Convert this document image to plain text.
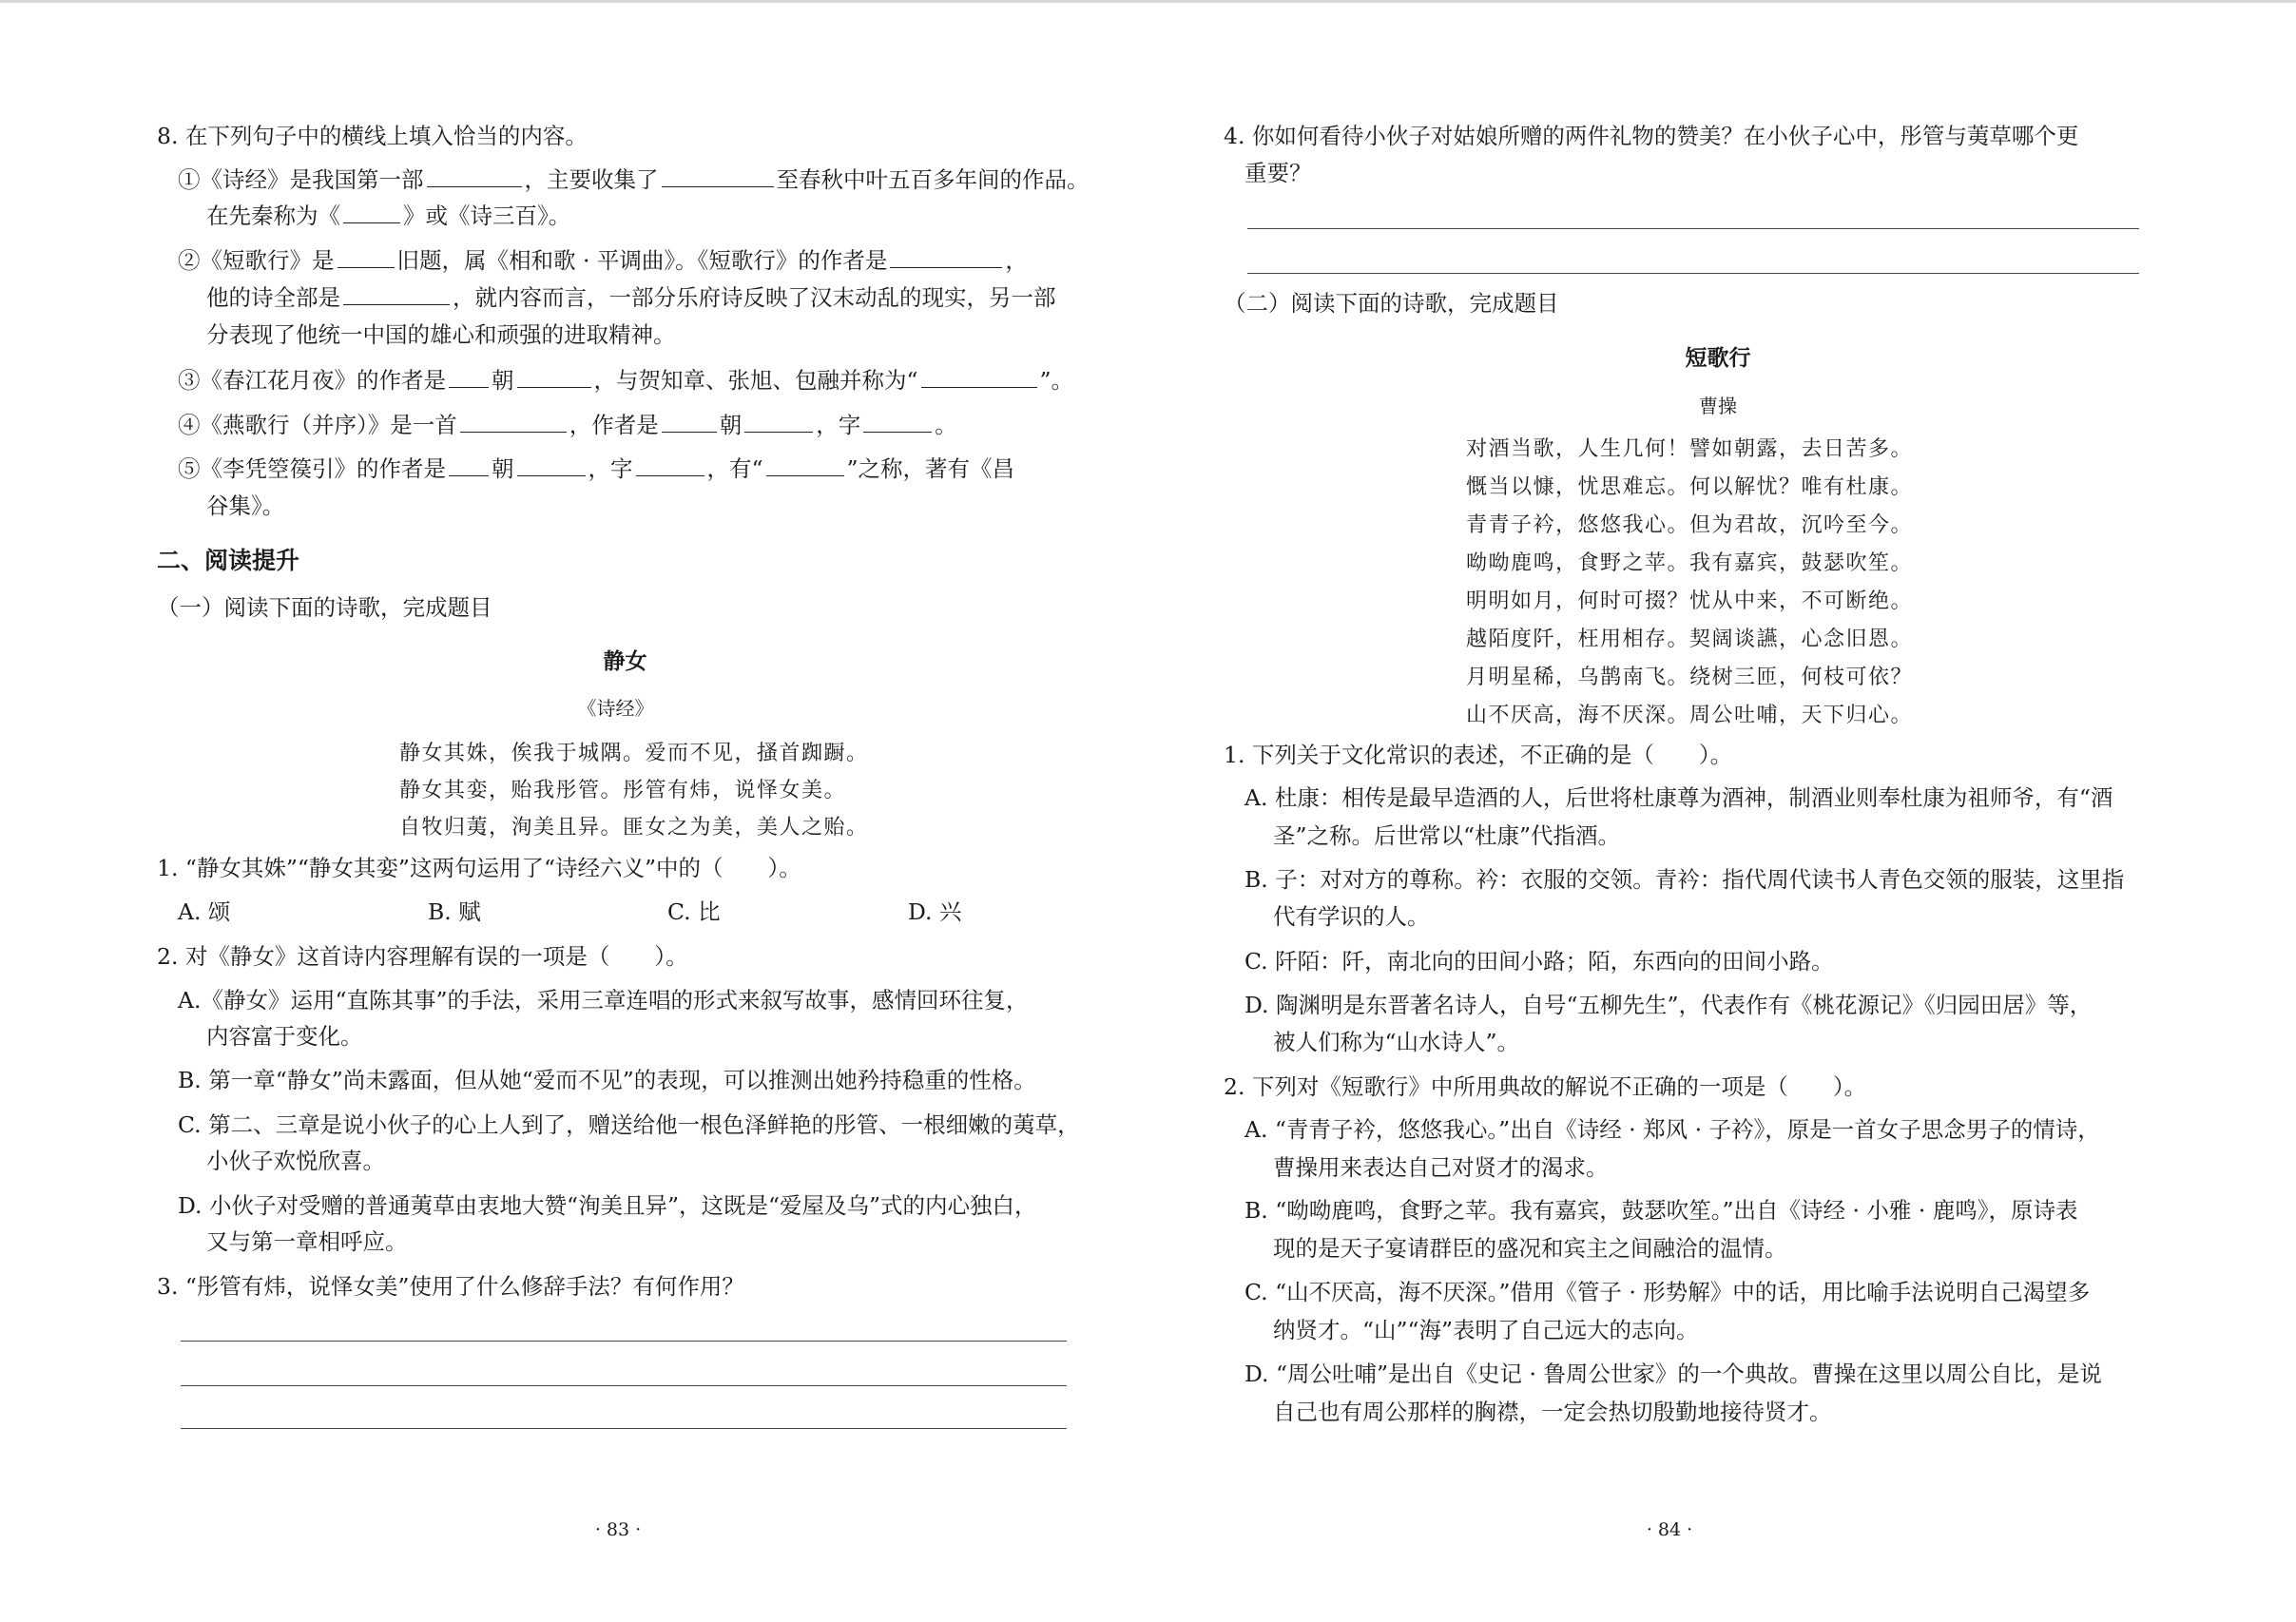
8. 在下列句子中的横线上填入恰当的内容。
①《诗经》是我国第一部	，主要收集了	至春秋中叶五百多年间的作品。
在先秦称为《	》或《诗三百》。
②《短歌行》是	旧题，属《相和歌 · 平调曲》。《短歌行》的作者是	，
他的诗全部是	，就内容而言，一部分乐府诗反映了汉末动乱的现实，另一部
分表现了他统一中国的雄心和顽强的进取精神。
③《春江花月夜》的作者是 朝	，与贺知章、张旭、包融并称为“	”。
④《燕歌行（并序）》是一首	，作者是	朝	，字	。
⑤《李凭箜篌引》的作者是 朝	，字	，有“	”之称，著有《昌
谷集》。
二、阅读提升
（一）阅读下面的诗歌，完成题目
静女
《诗经》
静女其姝，俟我于城隅。爱而不见，搔首踟蹰。
静女其娈，贻我彤管。彤管有炜，说怿女美。
自牧归荑，洵美且异。匪女之为美，美人之贻。
1. “静女其姝”“静女其娈”这两句运用了“诗经六义”中的（　　）。
A. 颂	B. 赋	C. 比	D. 兴
2. 对《静女》这首诗内容理解有误的一项是（　　）。
A.《静女》运用“直陈其事”的手法，采用三章连唱的形式来叙写故事，感情回环往复，
内容富于变化。
B. 第一章“静女”尚未露面，但从她“爱而不见”的表现，可以推测出她矜持稳重的性格。
C. 第二、三章是说小伙子的心上人到了，赠送给他一根色泽鲜艳的彤管、一根细嫩的荑草，
小伙子欢悦欣喜。
D. 小伙子对受赠的普通荑草由衷地大赞“洵美且异”，这既是“爱屋及乌”式的内心独白，
又与第一章相呼应。
3. “彤管有炜，说怿女美”使用了什么修辞手法？有何作用？
· 83 ·
4. 你如何看待小伙子对姑娘所赠的两件礼物的赞美？在小伙子心中，彤管与荑草哪个更
重要？
（二）阅读下面的诗歌，完成题目
短歌行
曹操
对酒当歌，人生几何！譬如朝露，去日苦多。
慨当以慷，忧思难忘。何以解忧？唯有杜康。
青青子衿，悠悠我心。但为君故，沉吟至今。
呦呦鹿鸣，食野之苹。我有嘉宾，鼓瑟吹笙。
明明如月，何时可掇？忧从中来，不可断绝。
越陌度阡，枉用相存。契阔谈讌，心念旧恩。
月明星稀，乌鹊南飞。绕树三匝，何枝可依？
山不厌高，海不厌深。周公吐哺，天下归心。
1. 下列关于文化常识的表述，不正确的是（　　）。
A. 杜康：相传是最早造酒的人，后世将杜康尊为酒神，制酒业则奉杜康为祖师爷，有“酒
圣”之称。后世常以“杜康”代指酒。
B. 子：对对方的尊称。衿：衣服的交领。青衿：指代周代读书人青色交领的服装，这里指
代有学识的人。
C. 阡陌：阡，南北向的田间小路；陌，东西向的田间小路。
D. 陶渊明是东晋著名诗人，自号“五柳先生”，代表作有《桃花源记》《归园田居》等，
被人们称为“山水诗人”。
2. 下列对《短歌行》中所用典故的解说不正确的一项是（　　）。
A. “青青子衿，悠悠我心。”出自《诗经 · 郑风 · 子衿》，原是一首女子思念男子的情诗，
曹操用来表达自己对贤才的渴求。
B. “呦呦鹿鸣，食野之苹。我有嘉宾，鼓瑟吹笙。”出自《诗经 · 小雅 · 鹿鸣》，原诗表
现的是天子宴请群臣的盛况和宾主之间融洽的温情。
C. “山不厌高，海不厌深。”借用《管子 · 形势解》中的话，用比喻手法说明自己渴望多
纳贤才。“山”“海”表明了自己远大的志向。
D. “周公吐哺”是出自《史记 · 鲁周公世家》的一个典故。曹操在这里以周公自比，是说
自己也有周公那样的胸襟，一定会热切殷勤地接待贤才。
· 84 ·
